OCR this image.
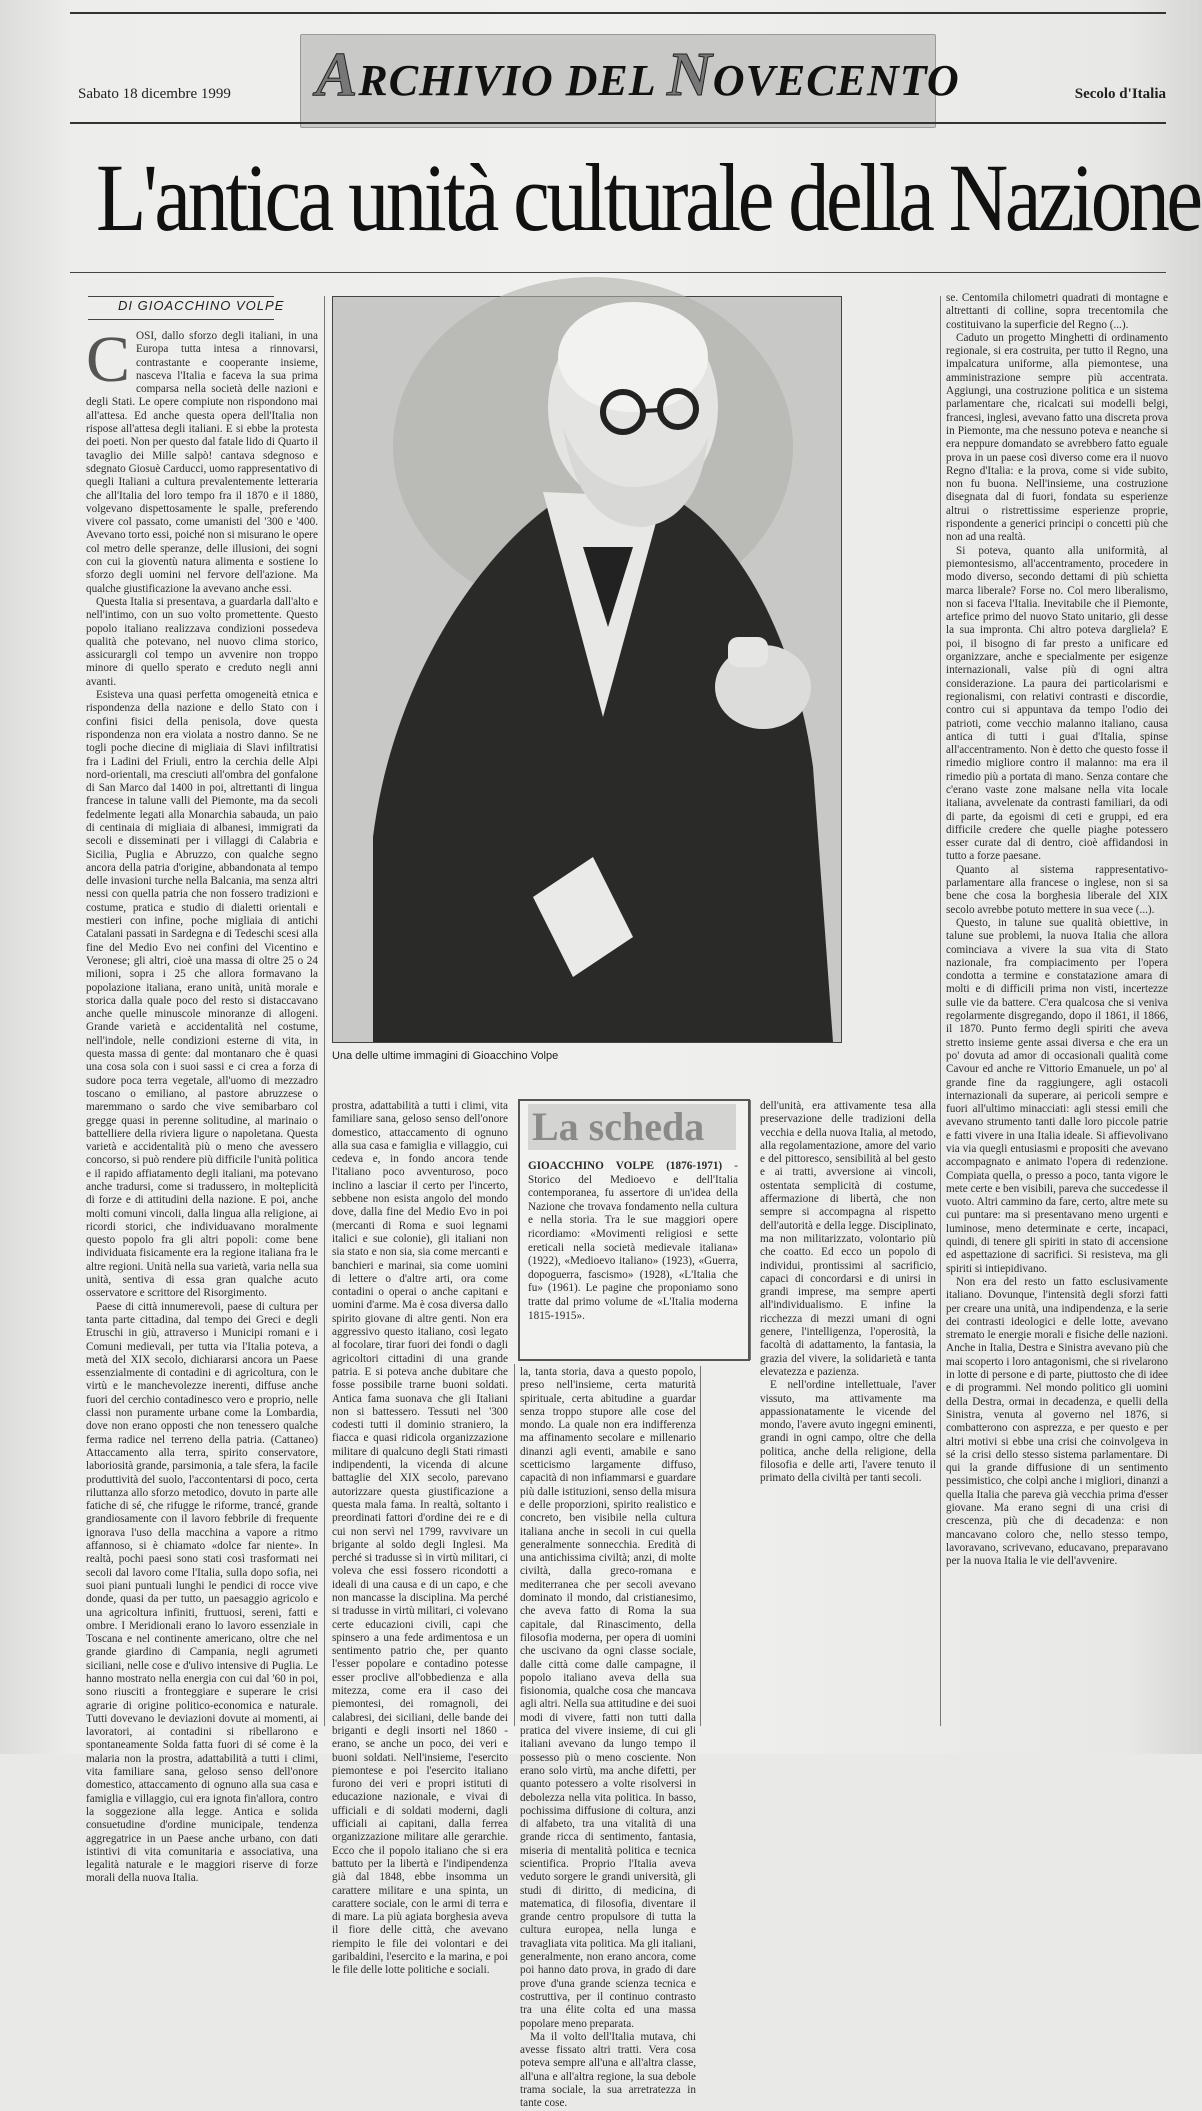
ARCHIVIO DEL NOVECENTO
Sabato 18 dicembre 1999	Secolo d'Italia
L'antica unità culturale della Nazione
DI GIOACCHINO VOLPE
C OSI, dallo sforzo degli italiani, in una Europa tutta intesa a rinnovarsi, contrastante e cooperante insieme, nasceva l'Italia e faceva la sua prima comparsa nella società delle nazioni e degli Stati. Le opere compiute non rispondono mai all'attesa. Ed anche questa opera dell'Italia non rispose all'attesa degli italiani. E si ebbe la protesta dei poeti. Non per questo dal fatale lido di Quarto il tavaglio dei Mille salpò! cantava sdegnoso e sdegnato Giosuè Carducci, uomo rappresentativo di quegli Italiani a cultura prevalentemente letteraria che all'Italia del loro tempo fra il 1870 e il 1880, volgevano dispettosamente le spalle, preferendo vivere col passato, come umanisti del '300 e '400. Avevano torto essi, poiché non si misurano le opere col metro delle speranze, delle illusioni, dei sogni con cui la gioventù natura alimenta e sostiene lo sforzo degli uomini nel fervore dell'azione. Ma qualche giustificazione la avevano anche essi.

Questa Italia si presentava, a guardarla dall'alto e nell'intimo, con un suo volto promettente. Questo popolo italiano realizzava condizioni possedeva qualità che potevano, nel nuovo clima storico, assicurargli col tempo un avvenire non troppo minore di quello sperato e creduto negli anni avanti.

Esisteva una quasi perfetta omogeneità etnica e rispondenza della nazione e dello Stato con i confini fisici della penisola, dove questa rispondenza non era violata a nostro danno. Se ne togli poche diecine di migliaia di Slavi infiltratisi fra i Ladini del Friuli, entro la cerchia delle Alpi nord-orientali, ma cresciuti all'ombra del gonfalone di San Marco dal 1400 in poi, altrettanti di lingua francese in talune valli del Piemonte, ma da secoli fedelmente legati alla Monarchia sabauda, un paio di centinaia di migliaia di albanesi, immigrati da secoli e disseminati per i villaggi di Calabria e Sicilia, Puglia e Abruzzo, con qualche segno ancora della patria d'origine, abbandonata al tempo delle invasioni turche nella Balcania, ma senza altri nessi con quella patria che non fossero tradizioni e costume, pratica e studio di dialetti orientali e mestieri con infine, poche migliaia di antichi Catalani passati in Sardegna e di Tedeschi scesi alla fine del Medio Evo nei confini del Vicentino e Veronese; gli altri, cioè una massa di oltre 25 o 24 milioni, sopra i 25 che allora formavano la popolazione italiana, erano unità, unità morale e storica dalla quale poco del resto si distaccavano anche quelle minuscole minoranze di allogeni. Grande varietà e accidentalità nel costume, nell'indole, nelle condizioni esterne di vita, in questa massa di gente: dal montanaro che è quasi una cosa sola con i suoi sassi e ci crea a forza di sudore poca terra vegetale, all'uomo di mezzadro toscano o emiliano, al pastore abruzzese o maremmano o sardo che vive semibarbaro col gregge quasi in perenne solitudine, al marinaio o battelliere della riviera ligure o napoletana. Questa varietà e accidentalità più o meno che avessero concorso, si può rendere più difficile l'unità politica e il rapido affiatamento degli italiani, ma potevano anche tradursi, come si tradussero, in molteplicità di forze e di attitudini della nazione. E poi, anche molti comuni vincoli, dalla lingua alla religione, ai ricordi storici, che individuavano moralmente questo popolo fra gli altri popoli: come bene individuata fisicamente era la regione italiana fra le altre regioni. Unità nella sua varietà, varia nella sua unità, sentiva di essa gran qualche acuto osservatore e scrittore del Risorgimento.

Paese di città innumerevoli, paese di cultura per tanta parte cittadina, dal tempo dei Greci e degli Etruschi in giù, attraverso i Municipi romani e i Comuni medievali, per tutta via l'Italia poteva, a metà del XIX secolo, dichiararsi ancora un Paese essenzialmente di contadini e di agricoltura, con le virtù e le manchevolezze inerenti, diffuse anche fuori del cerchio contadinesco vero e proprio, nelle classi non puramente urbane come la Lombardia, dove non erano opposti che non tenessero qualche ferma radice nel terreno della patria. (Cattaneo) Attaccamento alla terra, spirito conservatore, laboriosità grande, parsimonia, a tale sfera, la facile produttività del suolo, l'accontentarsi di poco, certa riluttanza allo sforzo metodico, dovuto in parte alle fatiche di sé, che rifugge le riforme, trancé, grande grandiosamente con il lavoro febbrile di frequente ignorava l'uso della macchina a vapore a ritmo affannoso, si è chiamato «dolce far niente». In realtà, pochi paesi sono stati così trasformati nei secoli dal lavoro come l'Italia, sulla dopo sofia, nei suoi piani puntuali lunghi le pendici di rocce vive donde, quasi da per tutto, un paesaggio agricolo e una agricoltura infiniti, fruttuosi, sereni, fatti e ombre. I Meridionali erano lo lavoro essenziale in Toscana e nel continente americano, oltre che nel grande giardino di Campania, negli agrumeti siciliani, nelle cose e d'ulivo intensive di Puglia. Le hanno mostrato nella energia con cui dal '60 in poi, sono riusciti a fronteggiare e superare le crisi agrarie di origine politico-economica e naturale. Tutti dovevano le deviazioni dovute ai momenti, ai lavoratori, ai contadini si ribellarono e spontaneamente Solda fatta fuori di sé come è la malaria non la prostra, adattabilità a tutti i climi, vita familiare sana, geloso senso dell'onore domestico, attaccamento di ognuno alla sua casa e famiglia e villaggio, cui era ignota fin'allora, contro la soggezione alla legge. Antica e solida consuetudine d'ordine municipale, tendenza aggregatrice in un Paese anche urbano, con dati istintivi di vita comunitaria e associativa, una legalità naturale e le maggiori riserve di forze morali della nuova Italia.

Una delle ultime immagini di Gioacchino Volpe

prostra, adattabilità a tutti i climi, vita familiare sana, geloso senso dell'onore domestico, attaccamento di ognuno alla sua casa e famiglia e villaggio, cui cedeva e, in fondo ancora tende l'italiano poco avventuroso, poco inclino a lasciar il certo per l'incerto, sebbene non esista angolo del mondo dove, dalla fine del Medio Evo in poi (mercanti di Roma e suoi legnami italici e sue colonie), gli italiani non sia stato e non sia, sia come mercanti e banchieri e marinai, sia come uomini di lettere o d'altre arti, ora come contadini o operai o anche capitani e uomini d'arme. Ma è cosa diversa dallo spirito giovane di altre genti. Non era aggressivo questo italiano, così legato al focolare, tirar fuori dei fondi o dagli agricoltori cittadini di una grande patria. E si poteva anche dubitare che fosse possibile trarne buoni soldati. Antica fama suonava che gli Italiani non si battessero. Tessuti nel '300 codesti tutti il dominio straniero, la fiacca e quasi ridicola organizzazione militare di qualcuno degli Stati rimasti indipendenti, la vicenda di alcune battaglie del XIX secolo, parevano autorizzare questa giustificazione a questa mala fama. In realtà, soltanto i preordinati fattori d'ordine dei re e di cui non servì nel 1799, ravvivare un brigante al soldo degli Inglesi. Ma perché si tradusse sì in virtù militari, ci voleva che essi fossero ricondotti a ideali di una causa e di un capo, e che non mancasse la disciplina. Ma perché si tradusse in virtù militari, ci volevano certe educazioni civili, capi che spinsero a una fede ardimentosa e un sentimento patrio che, per quanto l'esser popolare e contadino potesse esser proclive all'obbedienza e alla mitezza, come era il caso dei piemontesi, dei romagnoli, dei calabresi, dei siciliani, delle bande dei briganti e degli insorti nel 1860 - erano, se anche un poco, dei veri e buoni soldati. Nell'insieme, l'esercito piemontese e poi l'esercito italiano furono dei veri e propri istituti di educazione nazionale, e vivai di ufficiali e di soldati moderni, dagli ufficiali ai capitani, dalla ferrea organizzazione militare alle gerarchie. Ecco che il popolo italiano che si era battuto per la libertà e l'indipendenza già dal 1848, ebbe insomma un carattere militare e una spinta, un carattere sociale, con le armi di terra e di mare. La più agiata borghesia aveva il fiore delle città, che avevano riempito le file dei volontari e dei garibaldini, l'esercito e la marina, e poi le file delle lotte politiche e sociali.

La scheda
GIOACCHINO VOLPE (1876-1971) - Storico del Medioevo e dell'Italia contemporanea, fu assertore di un'idea della Nazione che trovava fondamento nella cultura e nella storia. Tra le sue maggiori opere ricordiamo: «Movimenti religiosi e sette ereticali nella società medievale italiana» (1922), «Medioevo italiano» (1923), «Guerra, dopoguerra, fascismo» (1928), «L'Italia che fu» (1961). Le pagine che proponiamo sono tratte dal primo volume de «L'Italia moderna 1815-1915».

la, tanta storia, dava a questo popolo, preso nell'insieme, certa maturità spirituale, certa abitudine a guardar senza troppo stupore alle cose del mondo. La quale non era indifferenza ma affinamento secolare e millenario dinanzi agli eventi, amabile e sano scetticismo largamente diffuso, capacità di non infiammarsi e guardare più dalle istituzioni, senso della misura e delle proporzioni, spirito realistico e concreto, ben visibile nella cultura italiana anche in secoli in cui quella generalmente sonnecchia. Eredità di una antichissima civiltà; anzi, di molte civiltà, dalla greco-romana e mediterranea che per secoli avevano dominato il mondo, dal cristianesimo, che aveva fatto di Roma la sua capitale, dal Rinascimento, della filosofia moderna, per opera di uomini che uscivano da ogni classe sociale, dalle città come dalle campagne, il popolo italiano aveva della sua fisionomia, qualche cosa che mancava agli altri. Nella sua attitudine e dei suoi modi di vivere, fatti non tutti dalla pratica del vivere insieme, di cui gli italiani avevano da lungo tempo il possesso più o meno cosciente. Non erano solo virtù, ma anche difetti, per quanto potessero a volte risolversi in debolezza nella vita politica. In basso, pochissima diffusione di coltura, anzi di alfabeto, tra una vitalità di una grande ricca di sentimento, fantasia, miseria di mentalità politica e tecnica scientifica. Proprio l'Italia aveva veduto sorgere le grandi università, gli studi di diritto, di medicina, di matematica, di filosofia, diventare il grande centro propulsore di tutta la cultura europea, nella lunga e travagliata vita politica. Ma gli italiani, generalmente, non erano ancora, come poi hanno dato prova, in grado di dare prove d'una grande scienza tecnica e costruttiva, per il continuo contrasto tra una élite colta ed una massa popolare meno preparata.

Ma il volto dell'Italia mutava, chi avesse fissato altri tratti. Vera cosa poteva sempre all'una e all'altra classe, all'una e all'altra regione, la sua debole trama sociale, la sua arretratezza in tante cose.

dell'unità, era attivamente tesa alla preservazione delle tradizioni della vecchia e della nuova Italia, al metodo, alla regolamentazione, amore del vario e del pittoresco, sensibilità al bel gesto e ai tratti, avversione ai vincoli, ostentata semplicità di costume, affermazione di libertà, che non sempre si accompagna al rispetto dell'autorità e della legge. Disciplinato, ma non militarizzato, volontario più che coatto. Ed ecco un popolo di individui, prontissimi al sacrificio, capaci di concordarsi e di unirsi in grandi imprese, ma sempre aperti all'individualismo. E infine la ricchezza di mezzi umani di ogni genere, l'intelligenza, l'operosità, la facoltà di adattamento, la fantasia, la grazia del vivere, la solidarietà e tanta elevatezza e pazienza.

E nell'ordine intellettuale, l'aver vissuto, ma attivamente ma appassionatamente le vicende del mondo, l'avere avuto ingegni eminenti, grandi in ogni campo, oltre che della politica, anche della religione, della filosofia e delle arti, l'avere tenuto il primato della civiltà per tanti secoli.

se. Centomila chilometri quadrati di montagne e altrettanti di colline, sopra trecentomila che costituivano la superficie del Regno (...).

Caduto un progetto Minghetti di ordinamento regionale, si era costruita, per tutto il Regno, una impalcatura uniforme, alla piemontese, una amministrazione sempre più accentrata. Aggiungi, una costruzione politica e un sistema parlamentare che, ricalcati sui modelli belgi, francesi, inglesi, avevano fatto una discreta prova in Piemonte, ma che nessuno poteva e neanche si era neppure domandato se avrebbero fatto eguale prova in un paese così diverso come era il nuovo Regno d'Italia: e la prova, come si vide subito, non fu buona. Nell'insieme, una costruzione disegnata dal di fuori, fondata su esperienze altrui o ristrettissime esperienze proprie, rispondente a generici principi o concetti più che non ad una realtà.

Si poteva, quanto alla uniformità, al piemontesismo, all'accentramento, procedere in modo diverso, secondo dettami di più schietta marca liberale? Forse no. Col mero liberalismo, non si faceva l'Italia. Inevitabile che il Piemonte, artefice primo del nuovo Stato unitario, gli desse la sua impronta. Chi altro poteva dargliela? E poi, il bisogno di far presto a unificare ed organizzare, anche e specialmente per esigenze internazionali, valse più di ogni altra considerazione. La paura dei particolarismi e regionalismi, con relativi contrasti e discordie, contro cui si appuntava da tempo l'odio dei patrioti, come vecchio malanno italiano, causa antica di tutti i guai d'Italia, spinse all'accentramento. Non è detto che questo fosse il rimedio migliore contro il malanno: ma era il rimedio più a portata di mano. Senza contare che c'erano vaste zone malsane nella vita locale italiana, avvelenate da contrasti familiari, da odi di parte, da egoismi di ceti e gruppi, ed era difficile credere che quelle piaghe potessero esser curate dal di dentro, cioè affidandosi in tutto a forze paesane.

Quanto al sistema rappresentativo-parlamentare alla francese o inglese, non si sa bene che cosa la borghesia liberale del XIX secolo avrebbe potuto mettere in sua vece (...).

Questo, in talune sue qualità obiettive, in talune sue problemi, la nuova Italia che allora cominciava a vivere la sua vita di Stato nazionale, fra compiacimento per l'opera condotta a termine e constatazione amara di molti e di difficili prima non visti, incertezze sulle vie da battere. C'era qualcosa che si veniva regolarmente disgregando, dopo il 1861, il 1866, il 1870. Punto fermo degli spiriti che aveva stretto insieme gente assai diversa e che era un po' dovuta ad amor di occasionali qualità come Cavour ed anche re Vittorio Emanuele, un po' al grande fine da raggiungere, agli ostacoli internazionali da superare, ai pericoli sempre e fuori all'ultimo minacciati: agli stessi emili che avevano strumento tanti dalle loro piccole patrie e fatti vivere in una Italia ideale. Si affievolivano via via quegli entusiasmi e propositi che avevano accompagnato e animato l'opera di redenzione. Compiata quella, o presso a poco, tanta vigore le mete certe e ben visibili, pareva che succedesse il vuoto. Altri cammino da fare, certo, altre mete su cui puntare: ma si presentavano meno urgenti e luminose, meno determinate e certe, incapaci, quindi, di tenere gli spiriti in stato di accensione ed aspettazione di sacrifici. Si resisteva, ma gli spiriti si intiepidivano.

Non era del resto un fatto esclusivamente italiano. Dovunque, l'intensità degli sforzi fatti per creare una unità, una indipendenza, e la serie dei contrasti ideologici e delle lotte, avevano stremato le energie morali e fisiche delle nazioni. Anche in Italia, Destra e Sinistra avevano più che mai scoperto i loro antagonismi, che si rivelarono in lotte di persone e di parte, piuttosto che di idee e di programmi. Nel mondo politico gli uomini della Destra, ormai in decadenza, e quelli della Sinistra, venuta al governo nel 1876, si combatterono con asprezza, e per questo e per altri motivi si ebbe una crisi che coinvolgeva in sé la crisi dello stesso sistema parlamentare. Di qui la grande diffusione di un sentimento pessimistico, che colpì anche i migliori, dinanzi a quella Italia che pareva già vecchia prima d'esser giovane. Ma erano segni di una crisi di crescenza, più che di decadenza: e non mancavano coloro che, nello stesso tempo, lavoravano, scrivevano, educavano, preparavano per la nuova Italia le vie dell'avvenire.
